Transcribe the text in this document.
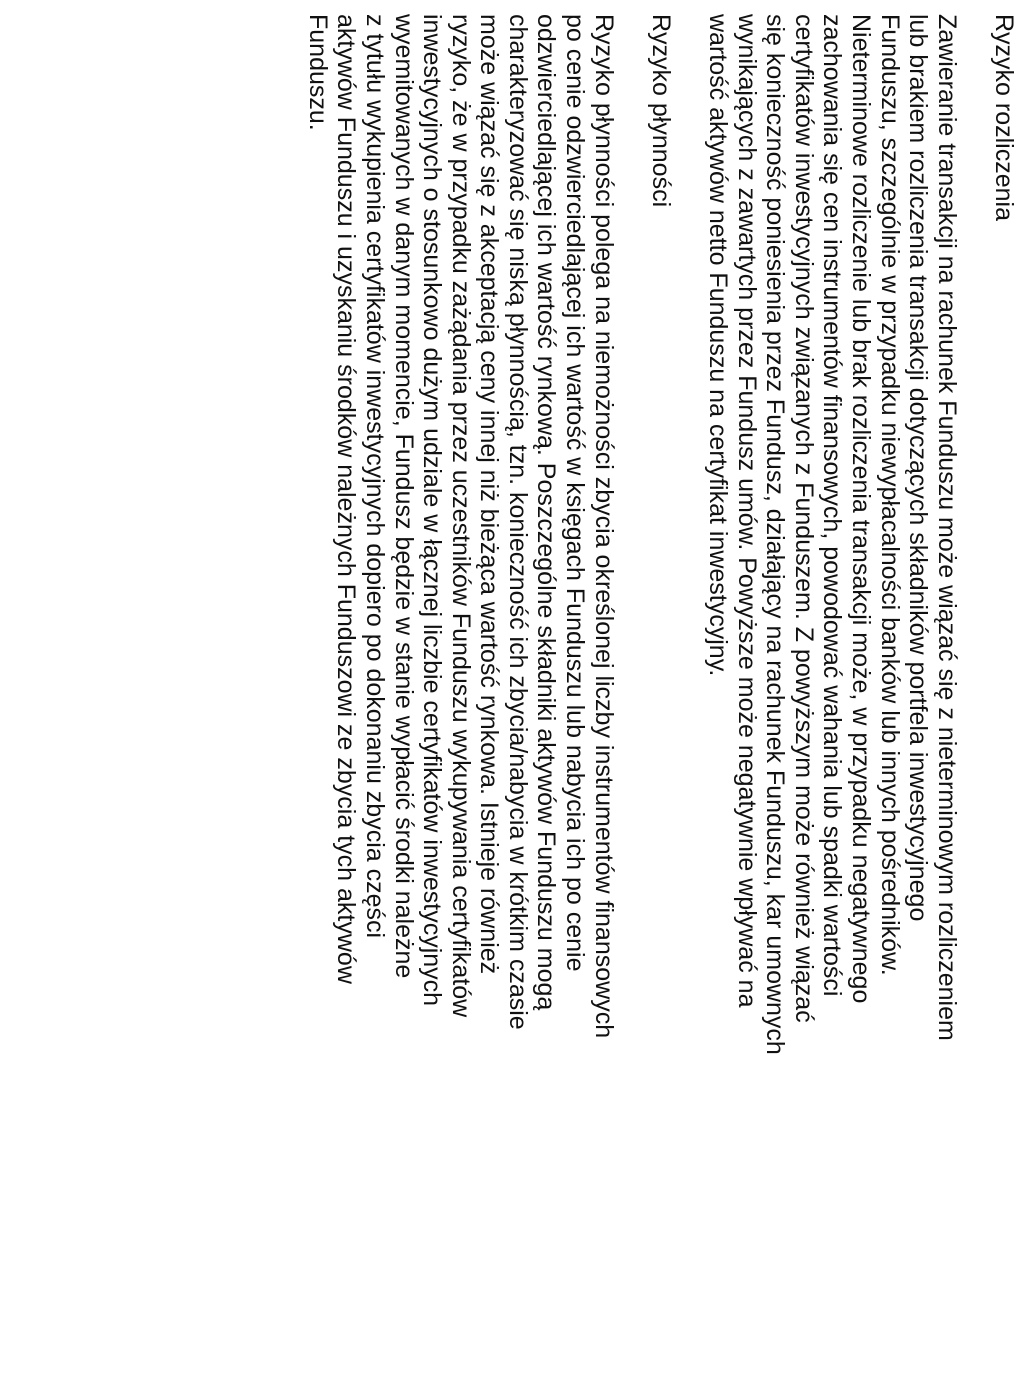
Ryzyko rozliczenia
Zawieranie transakcji na rachunek Funduszu może wiązać się z nieterminowym rozliczeniem
lub brakiem rozliczenia transakcji dotyczących składników portfela inwestycyjnego
Funduszu, szczególnie w przypadku niewypłacalności banków lub innych pośredników.
Nieterminowe rozliczenie lub brak rozliczenia transakcji może, w przypadku negatywnego
zachowania się cen instrumentów finansowych, powodować wahania lub spadki wartości
certyfikatów inwestycyjnych związanych z Funduszem. Z powyższym może również wiązać
się konieczność poniesienia przez Fundusz, działający na rachunek Funduszu, kar umownych
wynikających z zawartych przez Fundusz umów. Powyższe może negatywnie wpływać na
wartość aktywów netto Funduszu na certyfikat inwestycyjny.
Ryzyko płynności
Ryzyko płynności polega na niemożności zbycia określonej liczby instrumentów finansowych
po cenie odzwierciedlającej ich wartość w księgach Funduszu lub nabycia ich po cenie
odzwierciedlającej ich wartość rynkową. Poszczególne składniki aktywów Funduszu mogą
charakteryzować się niską płynnością, tzn. konieczność ich zbycia/nabycia w krótkim czasie
może wiązać się z akceptacją ceny innej niż bieżąca wartość rynkowa. Istnieje również
ryzyko, że w przypadku zażądania przez uczestników Funduszu wykupywania certyfikatów
inwestycyjnych o stosunkowo dużym udziale w łącznej liczbie certyfikatów inwestycyjnych
wyemitowanych w danym momencie, Fundusz będzie w stanie wypłacić środki należne
z tytułu wykupienia certyfikatów inwestycyjnych dopiero po dokonaniu zbycia części
aktywów Funduszu i uzyskaniu środków należnych Funduszowi ze zbycia tych aktywów
Funduszu.
